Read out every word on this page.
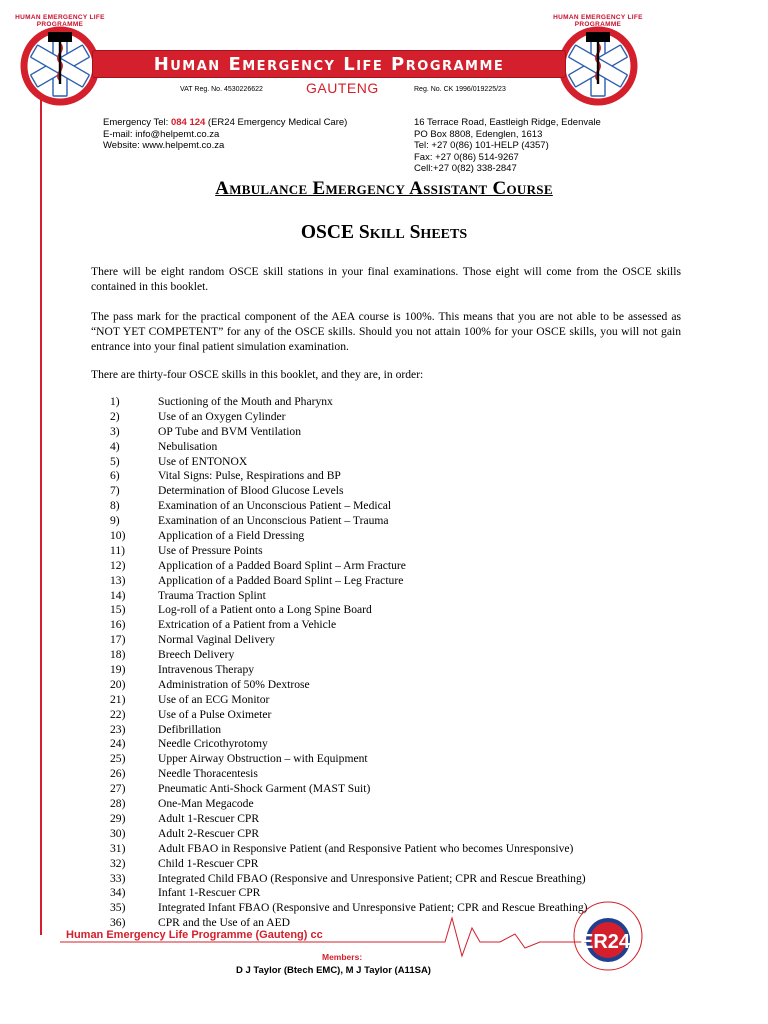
HUMAN EMERGENCY LIFE PROGRAMME
HUMAN EMERGENCY LIFE PROGRAMME
Human Emergency Life Programme
VAT Reg. No. 4530226622	GAUTENG	Reg. No. CK 1996/019225/23
Emergency Tel: 084 124 (ER24 Emergency Medical Care)
E-mail: info@helpemt.co.za
Website: www.helpemt.co.za
16 Terrace Road, Eastleigh Ridge, Edenvale
PO Box 8808, Edenglen, 1613
Tel: +27 0(86) 101-HELP (4357)
Fax: +27 0(86) 514-9267
Cell:+27 0(82) 338-2847
Ambulance Emergency Assistant Course
OSCE Skill Sheets
There will be eight random OSCE skill stations in your final examinations. Those eight will come from the OSCE skills contained in this booklet.
The pass mark for the practical component of the AEA course is 100%. This means that you are not able to be assessed as “NOT YET COMPETENT” for any of the OSCE skills. Should you not attain 100% for your OSCE skills, you will not gain entrance into your final patient simulation examination.
There are thirty-four OSCE skills in this booklet, and they are, in order:
1)	Suctioning of the Mouth and Pharynx
2)	Use of an Oxygen Cylinder
3)	OP Tube and BVM Ventilation
4)	Nebulisation
5)	Use of ENTONOX
6)	Vital Signs: Pulse, Respirations and BP
7)	Determination of Blood Glucose Levels
8)	Examination of an Unconscious Patient – Medical
9)	Examination of an Unconscious Patient – Trauma
10)	Application of a Field Dressing
11)	Use of Pressure Points
12)	Application of a Padded Board Splint – Arm Fracture
13)	Application of a Padded Board Splint – Leg Fracture
14)	Trauma Traction Splint
15)	Log-roll of a Patient onto a Long Spine Board
16)	Extrication of a Patient from a Vehicle
17)	Normal Vaginal Delivery
18)	Breech Delivery
19)	Intravenous Therapy
20)	Administration of 50% Dextrose
21)	Use of an ECG Monitor
22)	Use of a Pulse Oximeter
23)	Defibrillation
24)	Needle Cricothyrotomy
25)	Upper Airway Obstruction – with Equipment
26)	Needle Thoracentesis
27)	Pneumatic Anti-Shock Garment (MAST Suit)
28)	One-Man Megacode
29)	Adult 1-Rescuer CPR
30)	Adult 2-Rescuer CPR
31)	Adult FBAO in Responsive Patient (and Responsive Patient who becomes Unresponsive)
32)	Child 1-Rescuer CPR
33)	Integrated Child FBAO (Responsive and Unresponsive Patient; CPR and Rescue Breathing)
34)	Infant 1-Rescuer CPR
35)	Integrated Infant FBAO (Responsive and Unresponsive Patient; CPR and Rescue Breathing)
36)	CPR and the Use of an AED
Human Emergency Life Programme (Gauteng) cc	ER24
Members:
D J Taylor (Btech EMC), M J Taylor (A11SA)
